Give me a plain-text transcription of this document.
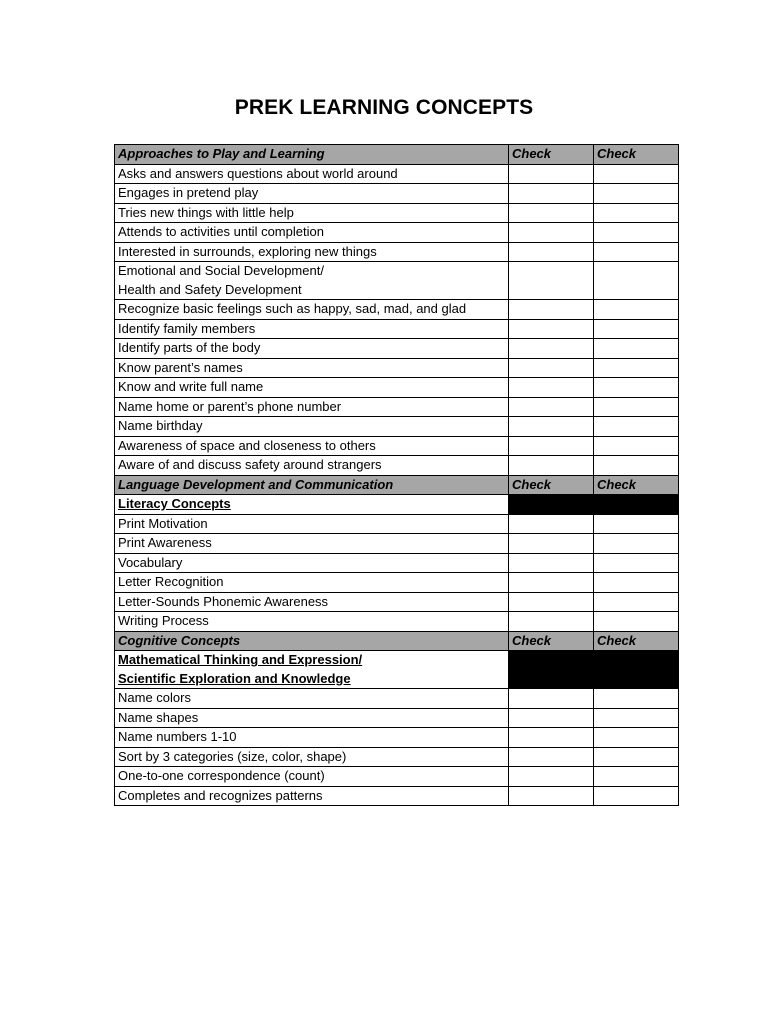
PREK LEARNING CONCEPTS
Approaches to Play and Learning	Check	Check
Asks and answers questions about world around		
Engages in pretend play		
Tries new things with little help		
Attends to activities until completion		
Interested in surrounds, exploring new things		

Emotional and Social Development/
Health and Safety Development		

Recognize basic feelings such as happy, sad, mad, and glad		
Identify family members		
Identify parts of the body		
Know parent’s names		
Know and write full name		
Name home or parent’s phone number		
Name birthday		
Awareness of space and closeness to others		
Aware of and discuss safety around strangers		
Language Development and Communication	Check	Check
Literacy Concepts		
Print Motivation		
Print Awareness		
Vocabulary		
Letter Recognition		
Letter-Sounds Phonemic Awareness		
Writing Process		
Cognitive Concepts	Check	Check

Mathematical Thinking and Expression/
Scientific Exploration and Knowledge		

Name colors		
Name shapes		
Name numbers 1-10		
Sort by 3 categories (size, color, shape)		
One-to-one correspondence (count)		
Completes and recognizes patterns		
